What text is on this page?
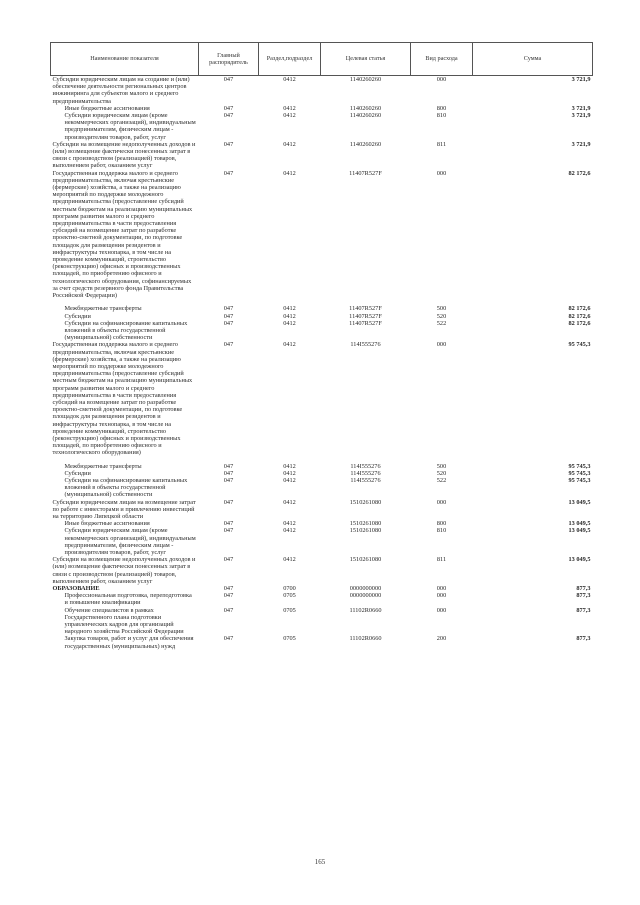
Наименование показателя	Главный распорядитель	Раздел,подраздел	Целевая статья	Вид расхода	Сумма
Субсидии юридическим лицам на создание и (или) обеспечение деятельности региональных центров инжиниринга для субъектов малого и среднего предпринимательства	047	0412	1140260260	000	3 721,9
Иные бюджетные ассигнования	047	0412	1140260260	800	3 721,9
Субсидии юридическим лицам (кроме некоммерческих организаций), индивидуальным предпринимателям, физическим лицам - производителям товаров, работ, услуг	047	0412	1140260260	810	3 721,9
Субсидии на возмещение недополученных доходов и (или) возмещение фактически понесенных затрат в связи с производством (реализацией) товаров, выполнением работ, оказанием услуг	047	0412	1140260260	811	3 721,9
Государственная поддержка малого и среднего предпринимательства, включая крестьянские (фермерские) хозяйства, а также на реализацию мероприятий по поддержке молодежного предпринимательства (предоставление субсидий местным бюджетам на реализацию муниципальных программ развития малого и среднего предпринимательства в части предоставления субсидий на возмещение затрат по разработке проектно-сметной документации, по подготовке площадок для размещения резидентов и инфраструктуры технопарка, в том числе на проведение коммуникаций, строительство (реконструкцию) офисных и производственных площадей, по приобретению офисного и технологического оборудования, софинансируемых за счет средств резервного фонда Правительства Российской Федерации)	047	0412	11407R527F	000	82 172,6
Межбюджетные трансферты	047	0412	11407R527F	500	82 172,6
Субсидии	047	0412	11407R527F	520	82 172,6
Субсидии на софинансирование капитальных вложений в объекты государственной (муниципальной) собственности	047	0412	11407R527F	522	82 172,6
Государственная поддержка малого и среднего предпринимательства, включая крестьянские (фермерские) хозяйства, а также на реализацию мероприятий по поддержке молодежного предпринимательства (предоставление субсидий местным бюджетам на реализацию муниципальных программ развития малого и среднего предпринимательства в части предоставления субсидий на возмещение затрат по разработке проектно-сметной документации, по подготовке площадок для размещения резидентов и инфраструктуры технопарка, в том числе на проведение коммуникаций, строительство (реконструкцию) офисных и производственных площадей, по приобретению офисного и технологического оборудования)	047	0412	114I555276	000	95 745,3
Межбюджетные трансферты	047	0412	114I555276	500	95 745,3
Субсидии	047	0412	114I555276	520	95 745,3
Субсидии на софинансирование капитальных вложений в объекты государственной (муниципальной) собственности	047	0412	114I555276	522	95 745,3
Субсидии юридическим лицам на возмещение затрат по работе с инвесторами и привлечению инвестиций на территорию Липецкой области	047	0412	1510261080	000	13 049,5
Иные бюджетные ассигнования	047	0412	1510261080	800	13 049,5
Субсидии юридическим лицам (кроме некоммерческих организаций), индивидуальным предпринимателям, физическим лицам - производителям товаров, работ, услуг	047	0412	1510261080	810	13 049,5
Субсидии на возмещение недополученных доходов и (или) возмещение фактически понесенных затрат в связи с производством (реализацией) товаров, выполнением работ, оказанием услуг	047	0412	1510261080	811	13 049,5
ОБРАЗОВАНИЕ	047	0700	0000000000	000	877,3
Профессиональная подготовка, переподготовка и повышение квалификации	047	0705	0000000000	000	877,3
Обучение специалистов в рамках Государственного плана подготовки управленческих кадров для организаций народного хозяйства Российской Федерации	047	0705	11102R0660	000	877,3
Закупка товаров, работ и услуг для обеспечения государственных (муниципальных) нужд	047	0705	11102R0660	200	877,3
165
